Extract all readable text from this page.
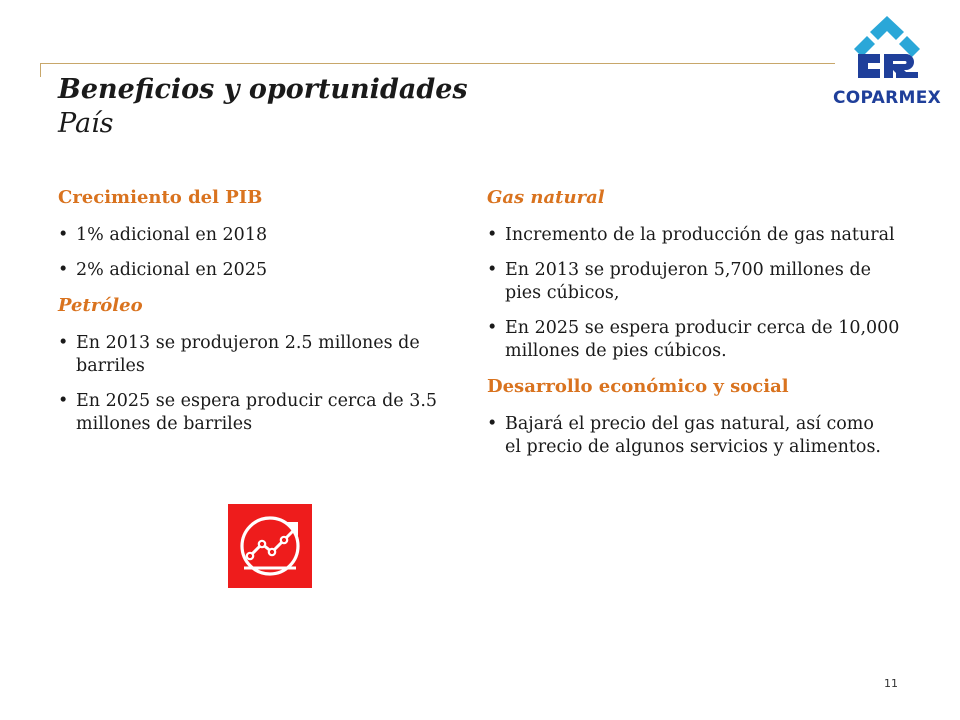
Beneficios y oportunidades
País
COPARMEX
Crecimiento del PIB
• 1% adicional en 2018
• 2% adicional en 2025
Petróleo
• En 2013 se produjeron 2.5 millones de barriles
• En 2025 se espera producir cerca de 3.5 millones de barriles
Gas natural
• Incremento de la producción de gas natural
• En 2013 se produjeron 5,700 millones de pies cúbicos,
• En 2025 se espera producir cerca de 10,000 millones de pies cúbicos.
Desarrollo económico y social
• Bajará el precio del gas natural, así como el precio de algunos servicios y alimentos.
11
